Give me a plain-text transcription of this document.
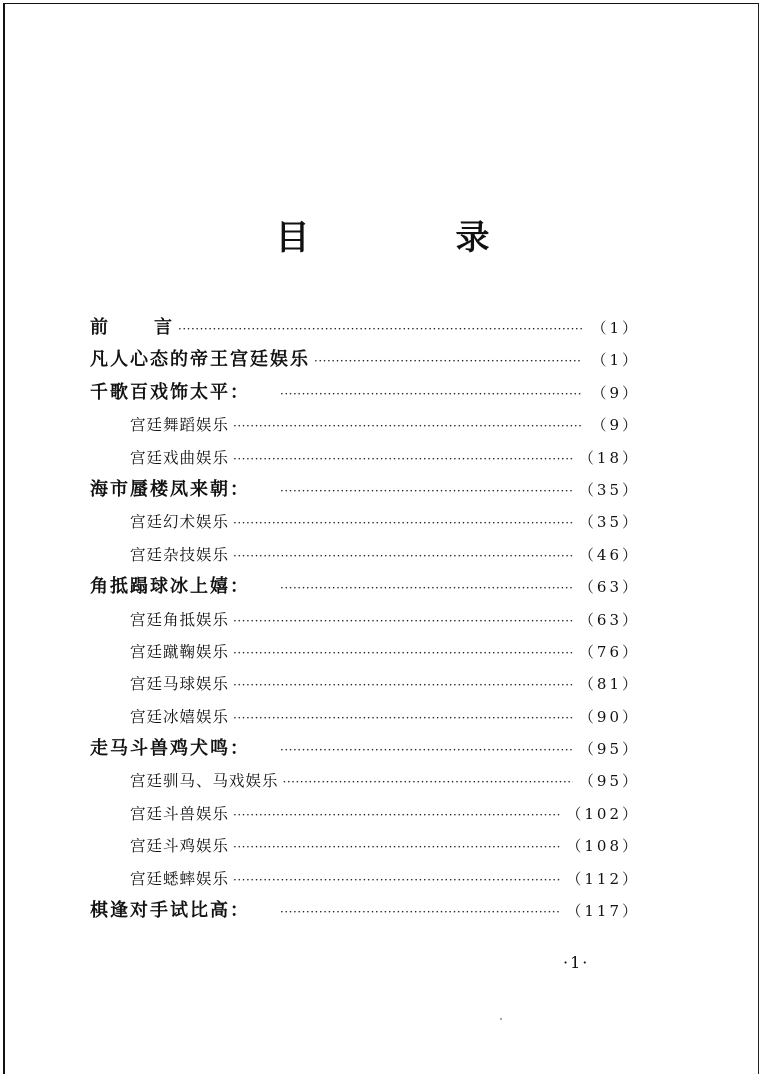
目　录
前言 ·····	（1）
凡人心态的帝王宫廷娱乐 ·····	（1）
千歌百戏饰太平： ·····	（9）
宫廷舞蹈娱乐 ·····	（9）
宫廷戏曲娱乐 ·····	（18）
海市蜃楼凤来朝： ·····	（35）
宫廷幻术娱乐 ·····	（35）
宫廷杂技娱乐 ·····	（46）
角抵蹋球冰上嬉： ·····	（63）
宫廷角抵娱乐 ·····	（63）
宫廷蹴鞠娱乐 ·····	（76）
宫廷马球娱乐 ·····	（81）
宫廷冰嬉娱乐 ·····	（90）
走马斗兽鸡犬鸣： ·····	（95）
宫廷驯马、马戏娱乐 ·····	（95）
宫廷斗兽娱乐 ·····	（102）
宫廷斗鸡娱乐 ·····	（108）
宫廷蟋蟀娱乐 ·····	（112）
棋逢对手试比高： ·····	（117）
·1·
